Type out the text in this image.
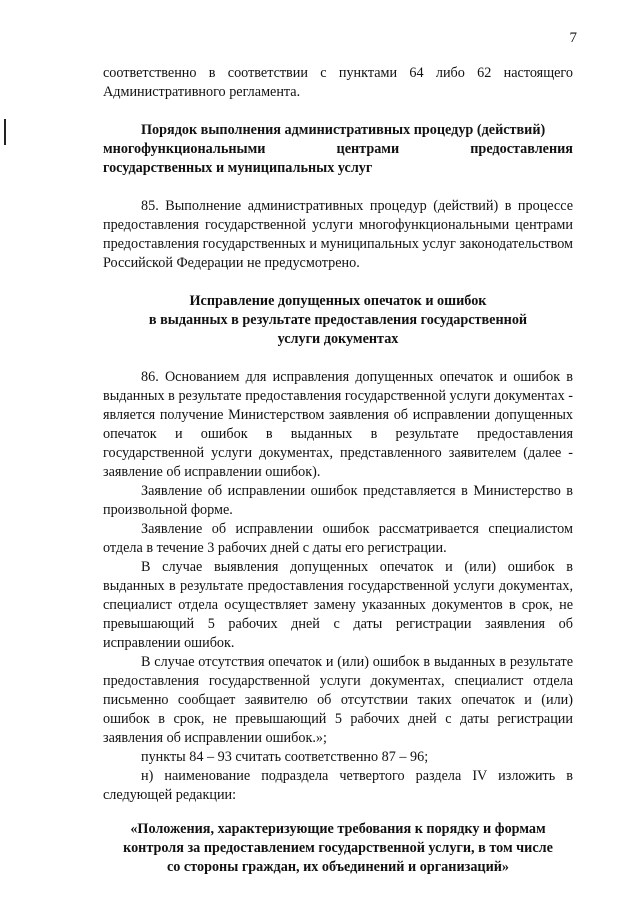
7

соответственно в соответствии с пунктами 64 либо 62 настоящего
Административного регламента.

Порядок выполнения административных процедур (действий)
многофункциональными центрами предоставления
государственных и муниципальных услуг

85. Выполнение административных процедур (действий) в процессе предоставления государственной услуги многофункциональными центрами предоставления государственных и муниципальных услуг законодательством Российской Федерации не предусмотрено.

Исправление допущенных опечаток и ошибок
в выданных в результате предоставления государственной
услуги документах

86. Основанием для исправления допущенных опечаток и ошибок в выданных в результате предоставления государственной услуги документах - является получение Министерством заявления об исправлении допущенных опечаток и ошибок в выданных в результате предоставления государственной услуги документах, представленного заявителем (далее - заявление об исправлении ошибок).

Заявление об исправлении ошибок представляется в Министерство в произвольной форме.

Заявление об исправлении ошибок рассматривается специалистом отдела в течение 3 рабочих дней с даты его регистрации.

В случае выявления допущенных опечаток и (или) ошибок в выданных в результате предоставления государственной услуги документах, специалист отдела осуществляет замену указанных документов в срок, не превышающий 5 рабочих дней с даты регистрации заявления об исправлении ошибок.

В случае отсутствия опечаток и (или) ошибок в выданных в результате предоставления государственной услуги документах, специалист отдела письменно сообщает заявителю об отсутствии таких опечаток и (или) ошибок в срок, не превышающий 5 рабочих дней с даты регистрации заявления об исправлении ошибок.»;

пункты 84 – 93 считать соответственно 87 – 96;

н) наименование подраздела четвертого раздела IV изложить в следующей редакции:

«Положения, характеризующие требования к порядку и формам
контроля за предоставлением государственной услуги, в том числе
со стороны граждан, их объединений и организаций»
